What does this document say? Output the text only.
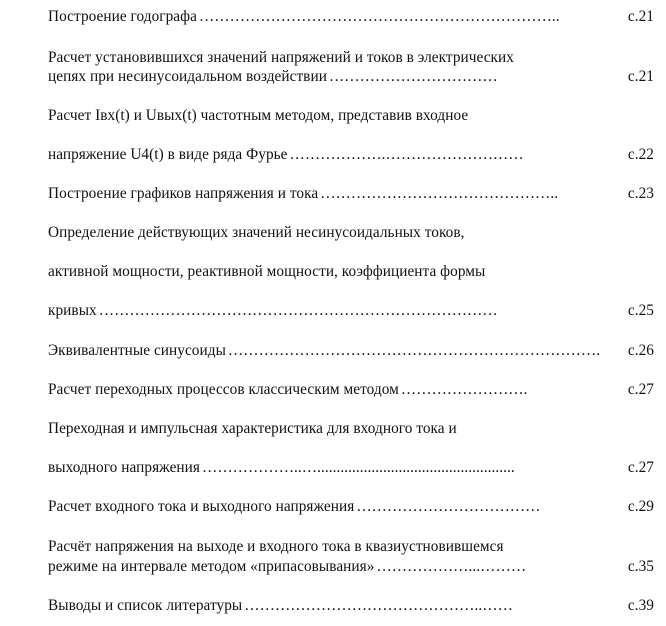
Построение годографа ……………………………………………………………..	с.21
Расчет установившихся значений напряжений и токов в электрических
цепях при несинусоидальном воздействии ……………………………	с.21
Расчет Iвх(t) и Uвых(t) частотным методом, представив входное
напряжение U4(t) в виде ряда Фурье ……………….………………………	с.22
Построение графиков напряжения и тока ………………………………………..	с.23
Определение действующих значений несинусоидальных токов,
активной мощности, реактивной мощности, коэффициента формы
кривых ……………………………………………………………………	с.25
Эквивалентные синусоиды ……………………………………………………………….	с.26
Расчет переходных процессов классическим методом …………………….	с.27
Переходная и импульсная характеристика для входного тока и
выходного напряжения ………………..…...................................................	с.27
Расчет входного тока и выходного напряжения ………………………………	с.29
Расчёт напряжения на выходе и входного тока в квазиустновившемся
режиме на интервале методом «припасовывания» ………………...………	с.35
Выводы и список литературы ………………………………………..……	с.39
